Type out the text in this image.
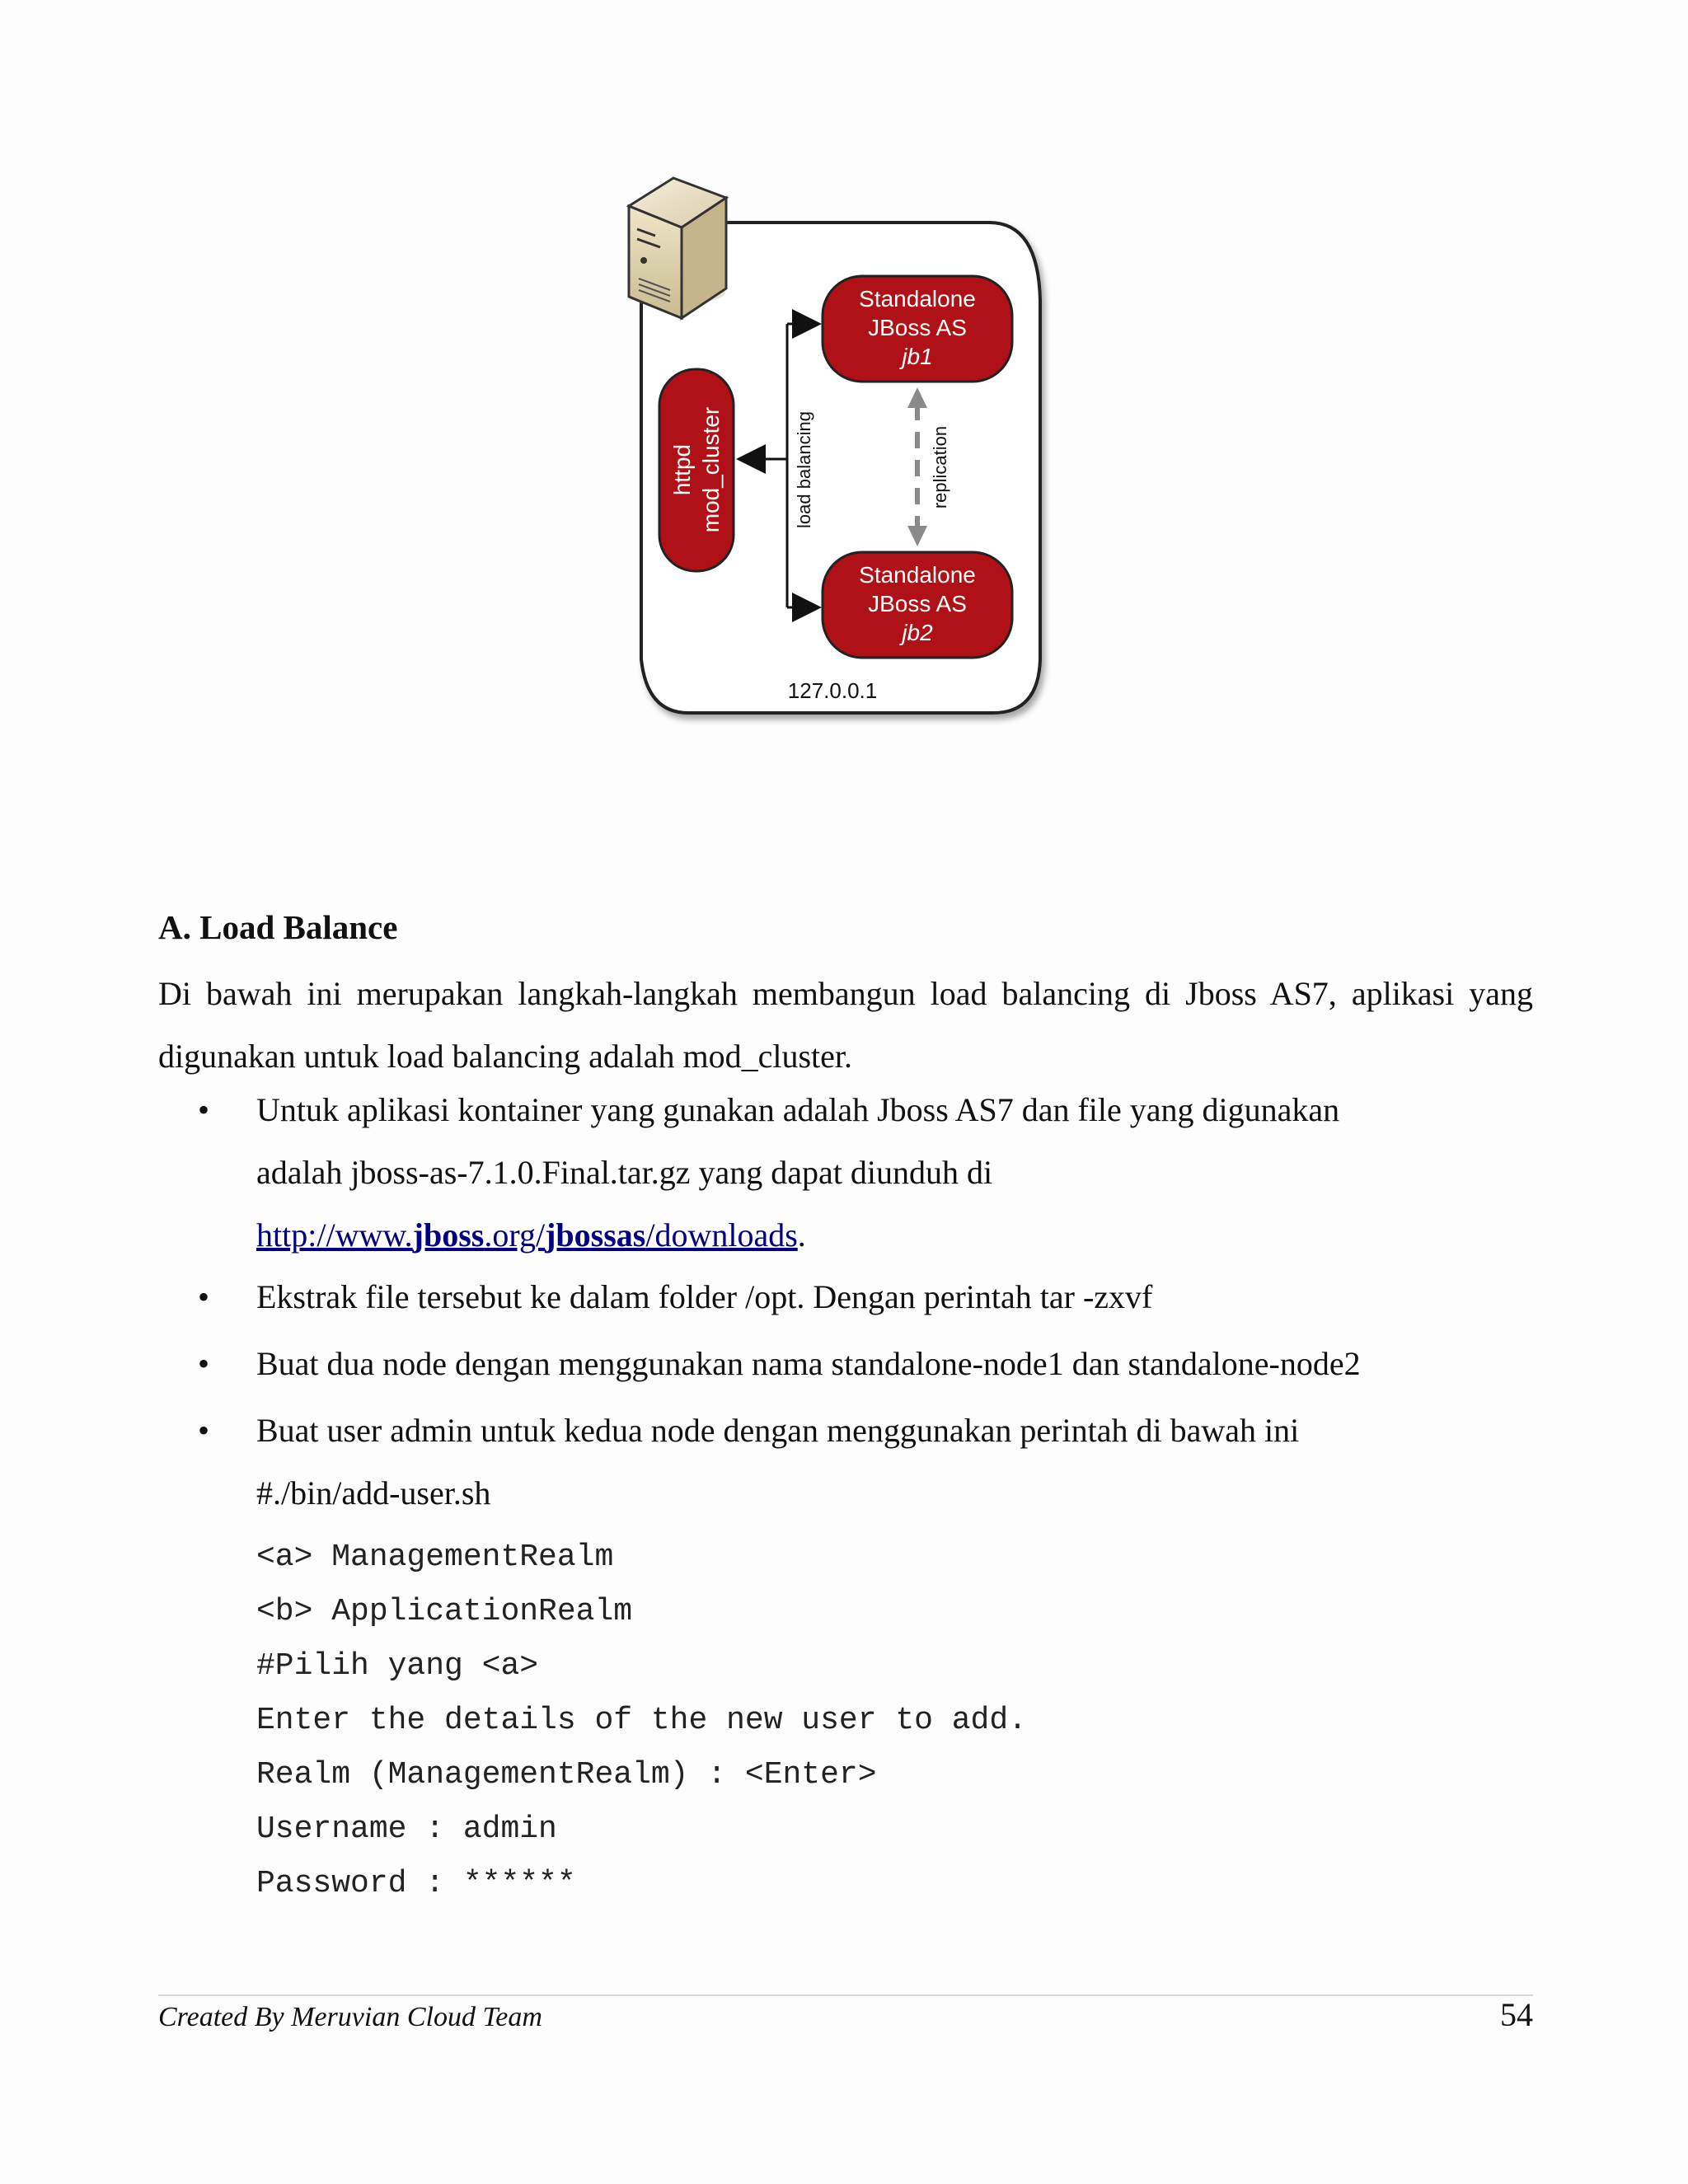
Standalone
JBoss AS
jb1
Standalone
JBoss AS
jb2
httpd mod_cluster	load balancing	replication
127.0.0.1
A. Load Balance
Di bawah ini merupakan langkah-langkah membangun load balancing di Jboss AS7, aplikasi yang digunakan untuk load balancing adalah mod_cluster.
•	Untuk aplikasi kontainer yang gunakan adalah Jboss AS7 dan file yang digunakan
adalah jboss-as-7.1.0.Final.tar.gz yang dapat diunduh di
http://www.jboss.org/jbossas/downloads.
•	Ekstrak file tersebut ke dalam folder /opt. Dengan perintah tar -zxvf
•	Buat dua node dengan menggunakan nama standalone-node1 dan standalone-node2
•	Buat user admin untuk kedua node dengan menggunakan perintah di bawah ini
#./bin/add-user.sh
<a> ManagementRealm
<b> ApplicationRealm
#Pilih yang <a>
Enter the details of the new user to add.
Realm (ManagementRealm) : <Enter>
Username : admin
Password : ******
Created By Meruvian Cloud Team	54
